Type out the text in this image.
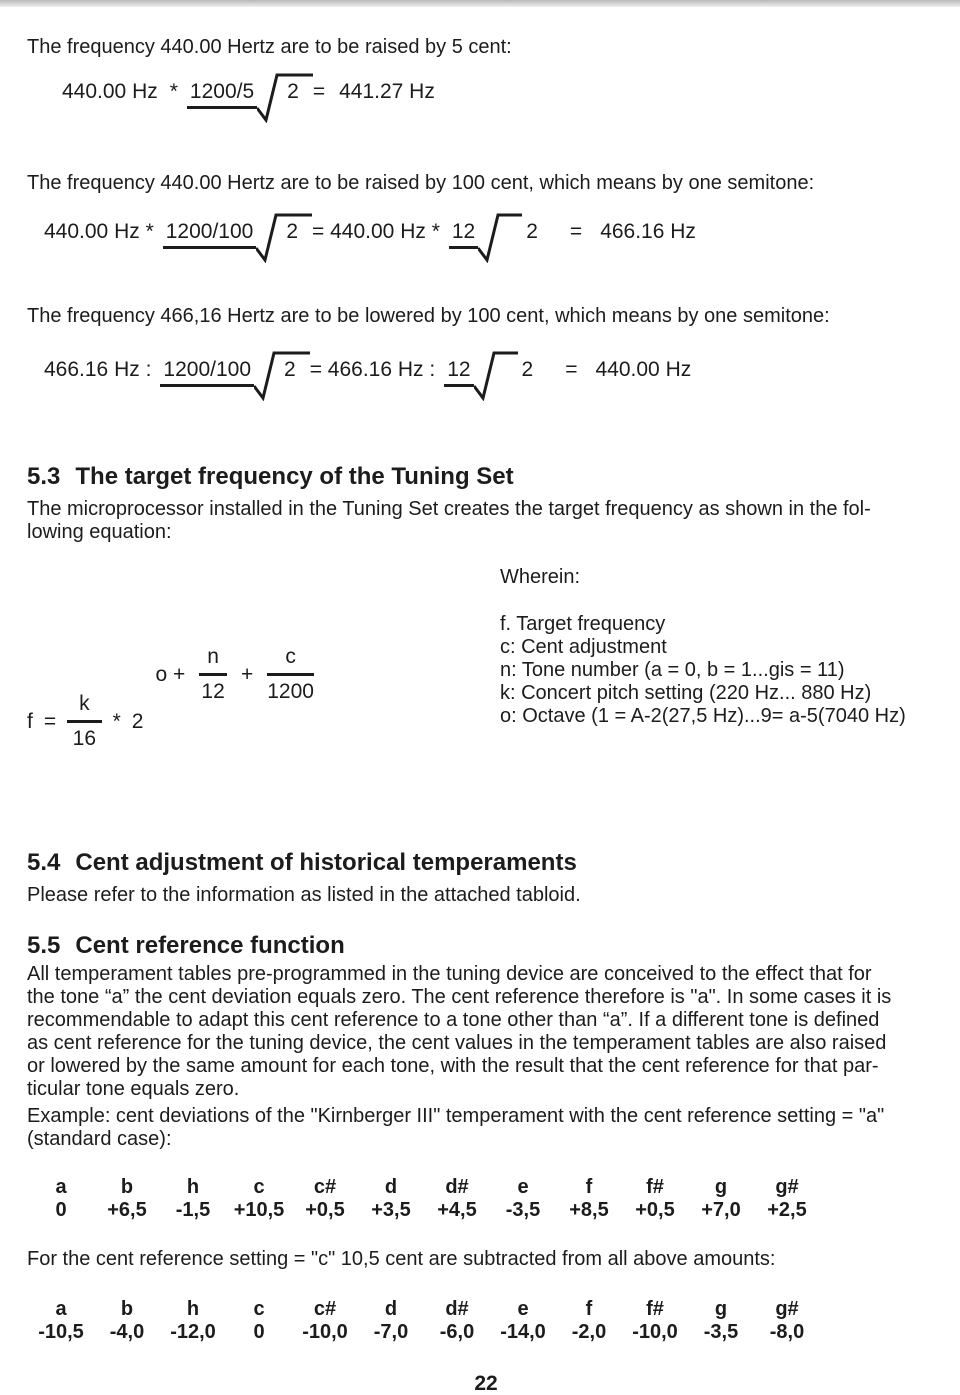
The frequency 440.00 Hertz are to be raised by 5 cent:
440.00 Hz * 1200/5 2 = 441.27 Hz
The frequency 440.00 Hertz are to be raised by 100 cent, which means by one semitone:
440.00 Hz * 1200/100 2 = 440.00 Hz * 12 2 = 466.16 Hz
The frequency 466,16 Hertz are to be lowered by 100 cent, which means by one semitone:
466.16 Hz : 1200/100 2 = 466.16 Hz : 12 2 = 440.00 Hz
5.3 The target frequency of the Tuning Set
The microprocessor installed in the Tuning Set creates the target frequency as shown in the fol-
lowing equation:
$f = \frac{k}{16} * 2$
$o + \frac{n}{12} + \frac{c}{1200}$
Wherein:
f. Target frequency
c: Cent adjustment
n: Tone number (a = 0, b = 1...gis = 11)
k: Concert pitch setting (220 Hz... 880 Hz)
o: Octave (1 = A-2(27,5 Hz)...9= a-5(7040 Hz)
5.4 Cent adjustment of historical temperaments
Please refer to the information as listed in the attached tabloid.
5.5 Cent reference function
All temperament tables pre-programmed in the tuning device are conceived to the effect that for
the tone “a” the cent deviation equals zero. The cent reference therefore is "a". In some cases it is
recommendable to adapt this cent reference to a tone other than “a”. If a different tone is defined
as cent reference for the tuning device, the cent values in the temperament tables are also raised
or lowered by the same amount for each tone, with the result that the cent reference for that par-
ticular tone equals zero.
Example: cent deviations of the "Kirnberger III" temperament with the cent reference setting = "a"
(standard case):
a
0
b
+6,5
h
-1,5
c
+10,5
c#
+0,5
d
+3,5
d#
+4,5
e
-3,5
f
+8,5
f#
+0,5
g
+7,0
g#
+2,5
For the cent reference setting = "c" 10,5 cent are subtracted from all above amounts:
a
-10,5
b
-4,0
h
-12,0
c
0
c#
-10,0
d
-7,0
d#
-6,0
e
-14,0
f
-2,0
f#
-10,0
g
-3,5
g#
-8,0
22
